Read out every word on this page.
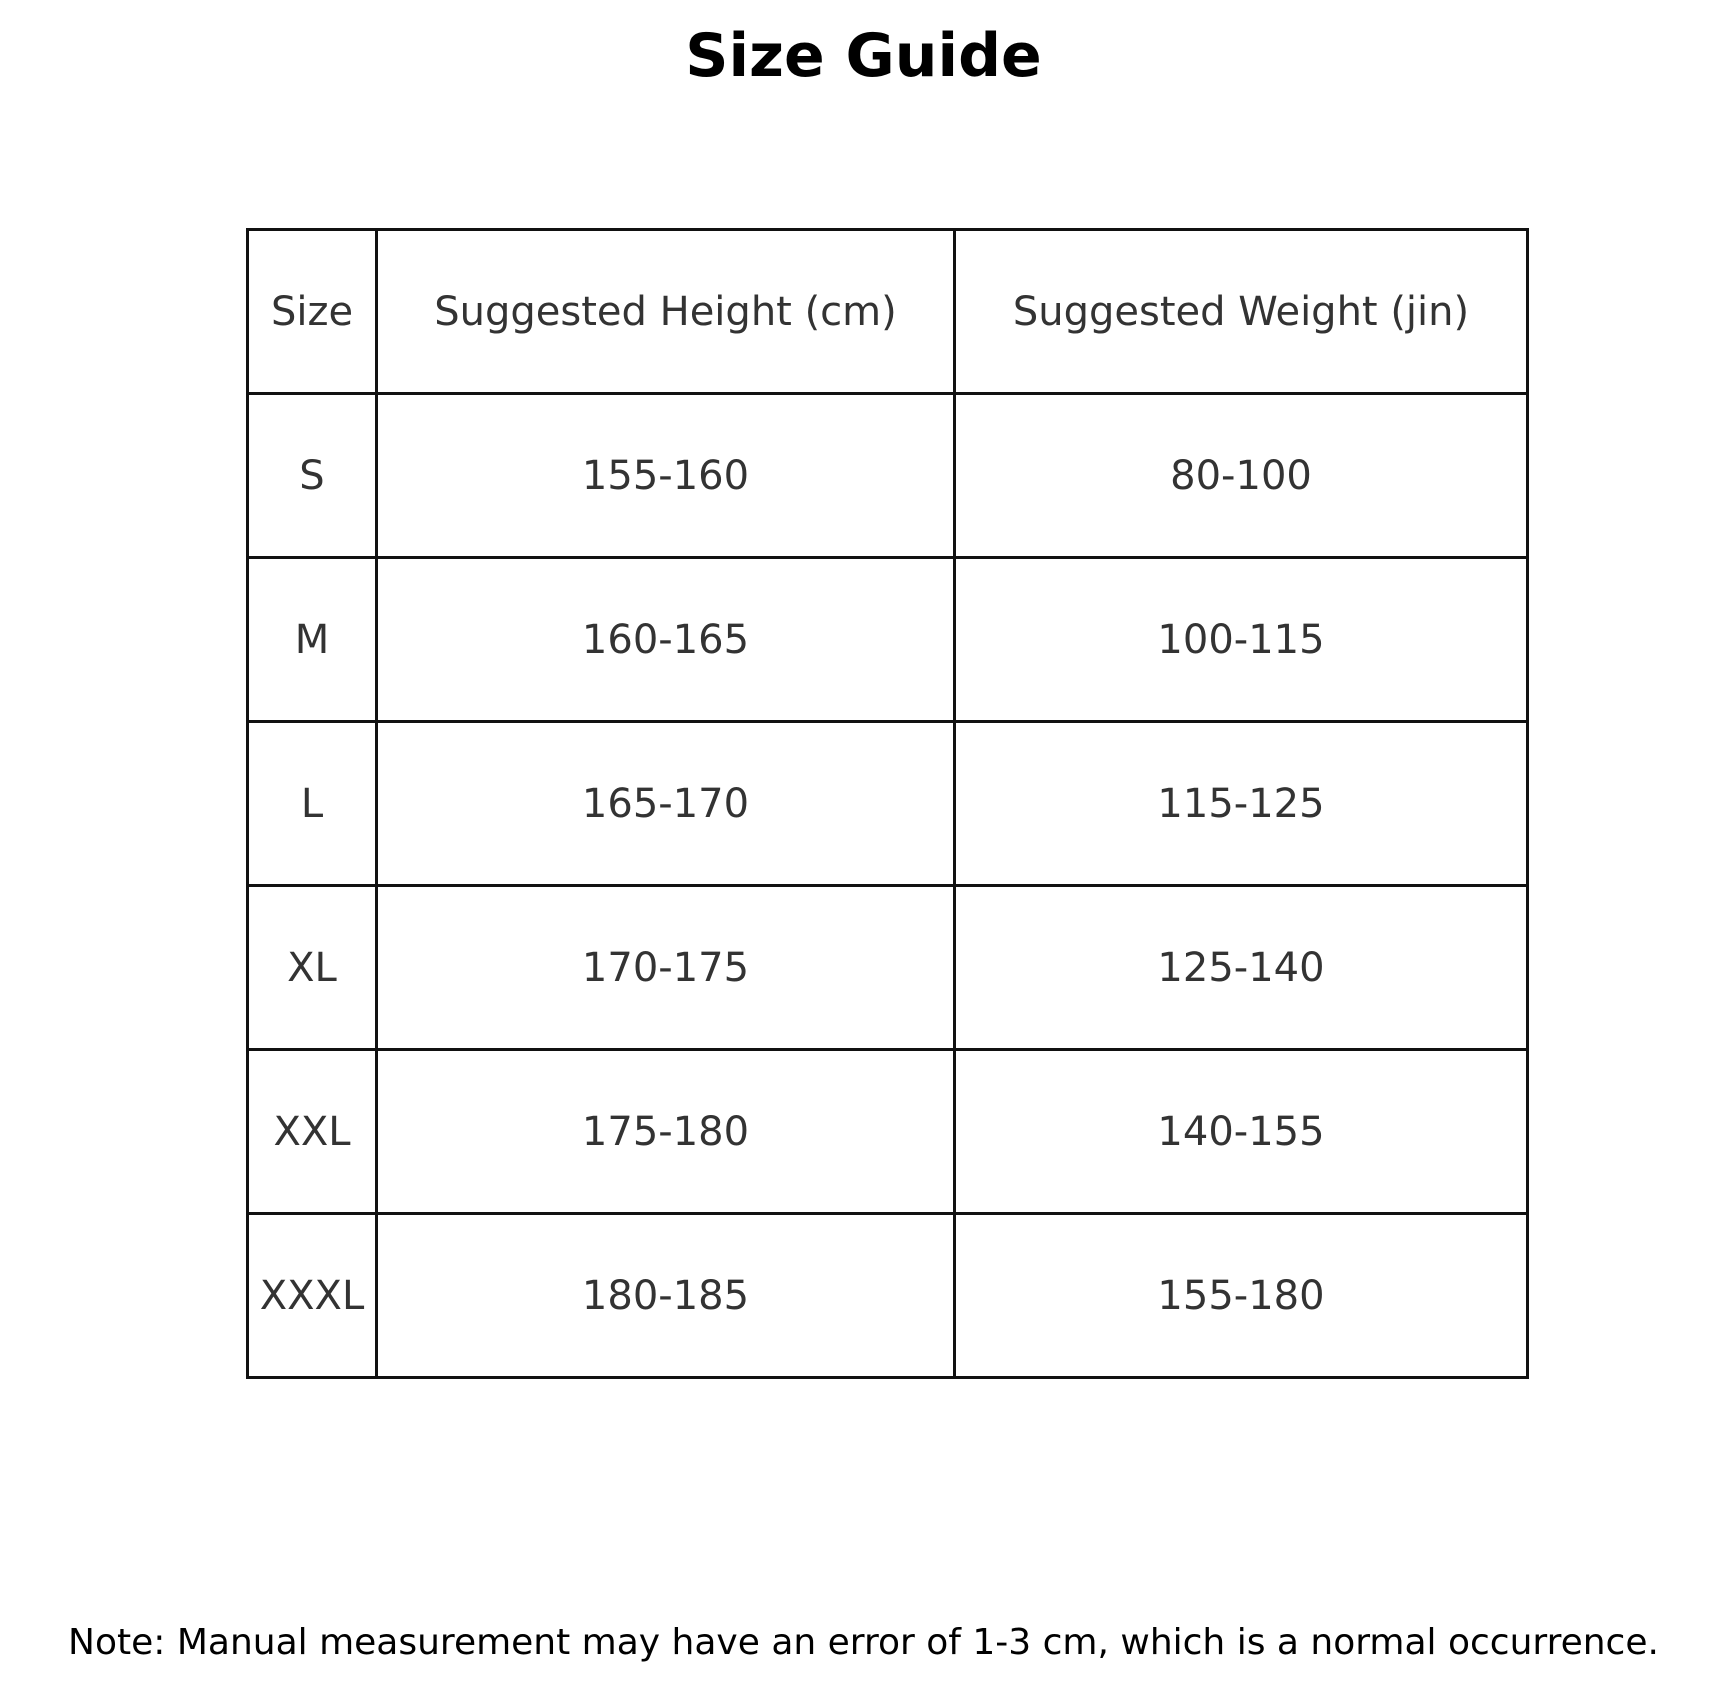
Size Guide
Size	Suggested Height (cm)	Suggested Weight (jin)
S	155-160	80-100
M	160-165	100-115
L	165-170	115-125
XL	170-175	125-140
XXL	175-180	140-155
XXXL	180-185	155-180
Note: Manual measurement may have an error of 1-3 cm, which is a normal occurrence.
